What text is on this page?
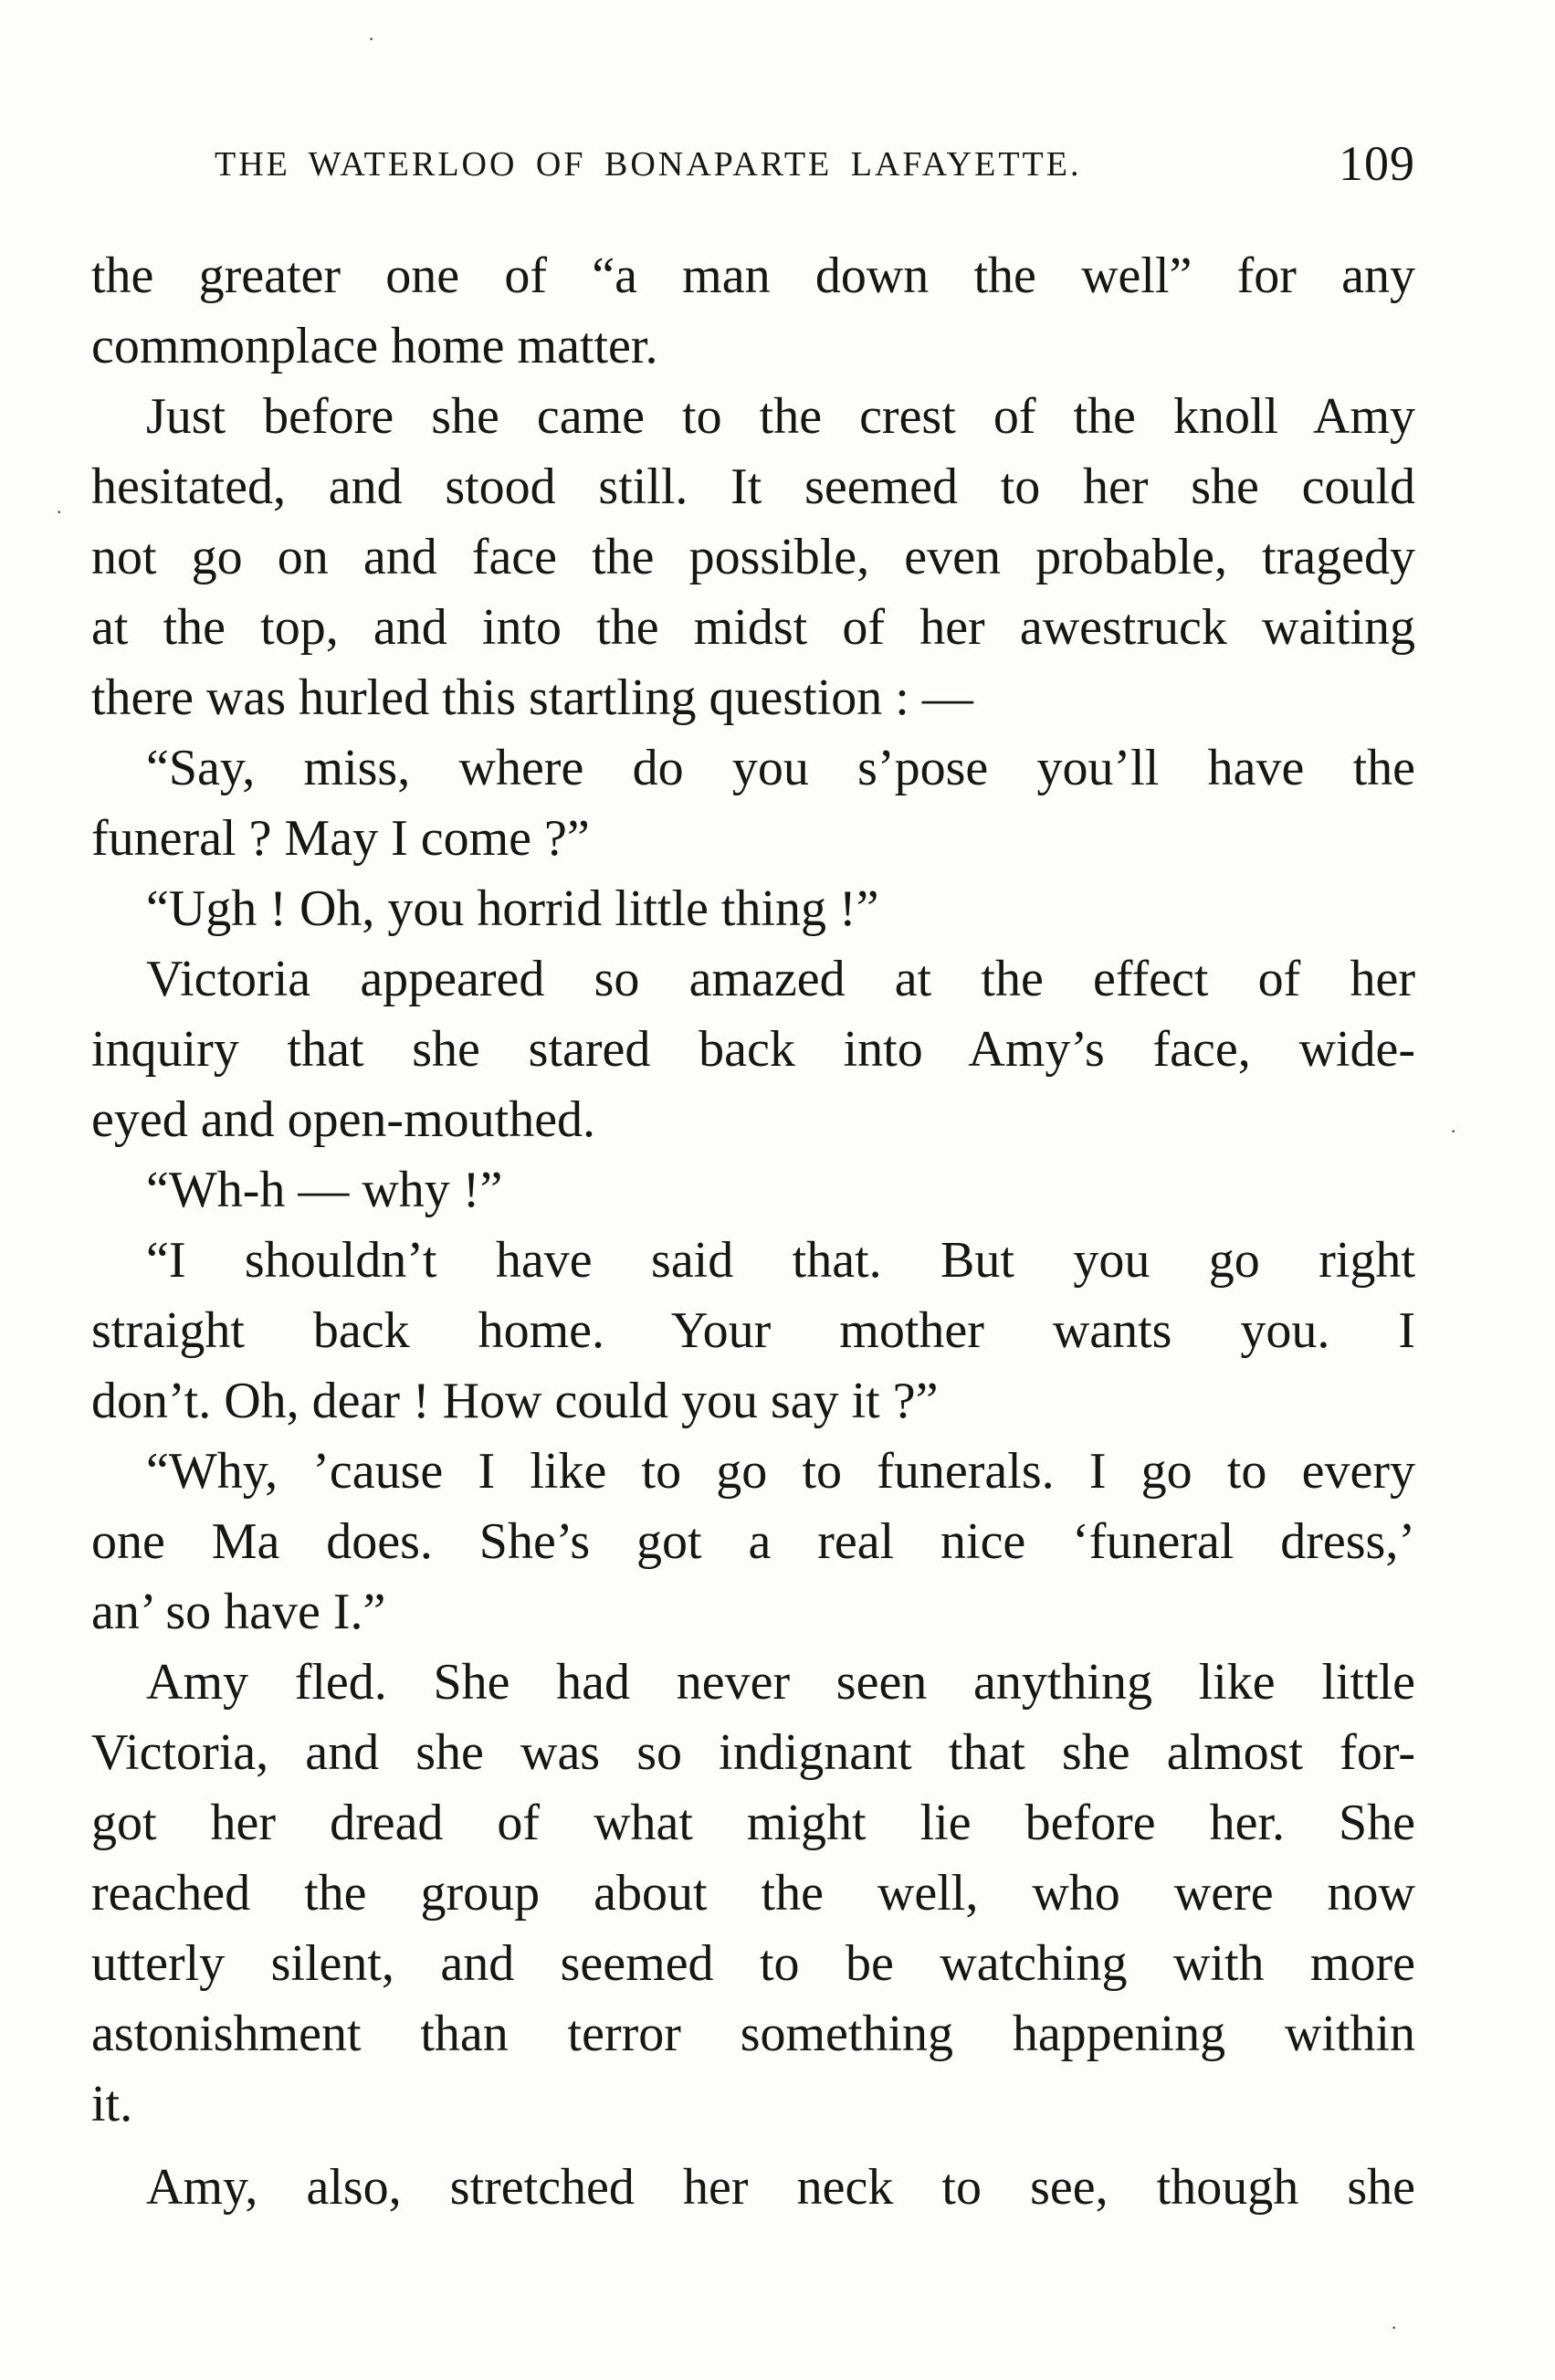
THE WATERLOO OF BONAPARTE LAFAYETTE.	109
the greater one of “a man down the well” for any
commonplace home matter.
Just before she came to the crest of the knoll Amy
hesitated, and stood still. It seemed to her she could
not go on and face the possible, even probable, tragedy
at the top, and into the midst of her awestruck waiting
there was hurled this startling question : —
“Say, miss, where do you s’pose you’ll have the
funeral ? May I come ?”
“Ugh ! Oh, you horrid little thing !”
Victoria appeared so amazed at the effect of her
inquiry that she stared back into Amy’s face, wide-
eyed and open-mouthed.
“Wh-h — why !”
“I shouldn’t have said that. But you go right
straight back home. Your mother wants you. I
don’t. Oh, dear ! How could you say it ?”
“Why, ’cause I like to go to funerals. I go to every
one Ma does. She’s got a real nice ‘funeral dress,’
an’ so have I.”
Amy fled. She had never seen anything like little
Victoria, and she was so indignant that she almost for-
got her dread of what might lie before her. She
reached the group about the well, who were now
utterly silent, and seemed to be watching with more
astonishment than terror something happening within
it.
Amy, also, stretched her neck to see, though she
·
.
·
·
